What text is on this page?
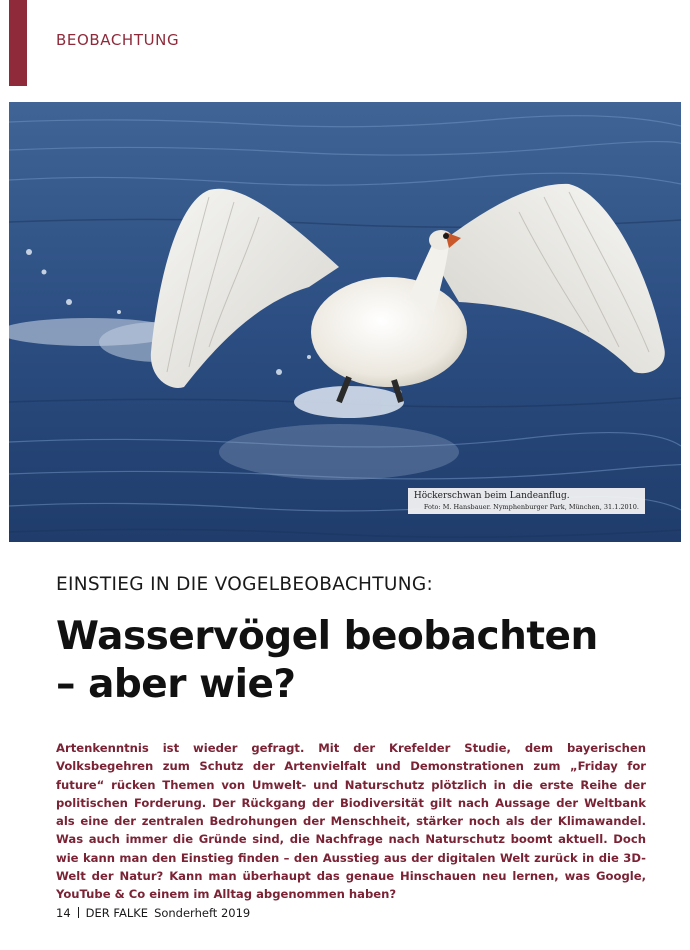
BEOBACHTUNG
Höckerschwan beim Landeanflug.
Foto: M. Hansbauer. Nymphenburger Park, München, 31.1.2010.
EINSTIEG IN DIE VOGELBEOBACHTUNG:
Wasservögel beobachten
– aber wie?

Artenkenntnis ist wieder gefragt. Mit der Krefelder Studie, dem bayerischen Volksbegehren zum Schutz der Artenvielfalt und Demonstrationen zum „Friday for future“ rücken Themen von Umwelt- und Naturschutz plötzlich in die erste Reihe der politischen Forderung. Der Rückgang der Biodiversität gilt nach Aussage der Weltbank als eine der zentralen Bedrohungen der Menschheit, stärker noch als der Klimawandel. Was auch immer die Gründe sind, die Nachfrage nach Naturschutz boomt aktuell. Doch wie kann man den Einstieg finden – den Ausstieg aus der digitalen Welt zurück in die 3D-Welt der Natur? Kann man überhaupt das genaue Hinschauen neu lernen, was Google, YouTube & Co einem im Alltag abgenommen haben?

14 DER FALKE Sonderheft 2019
